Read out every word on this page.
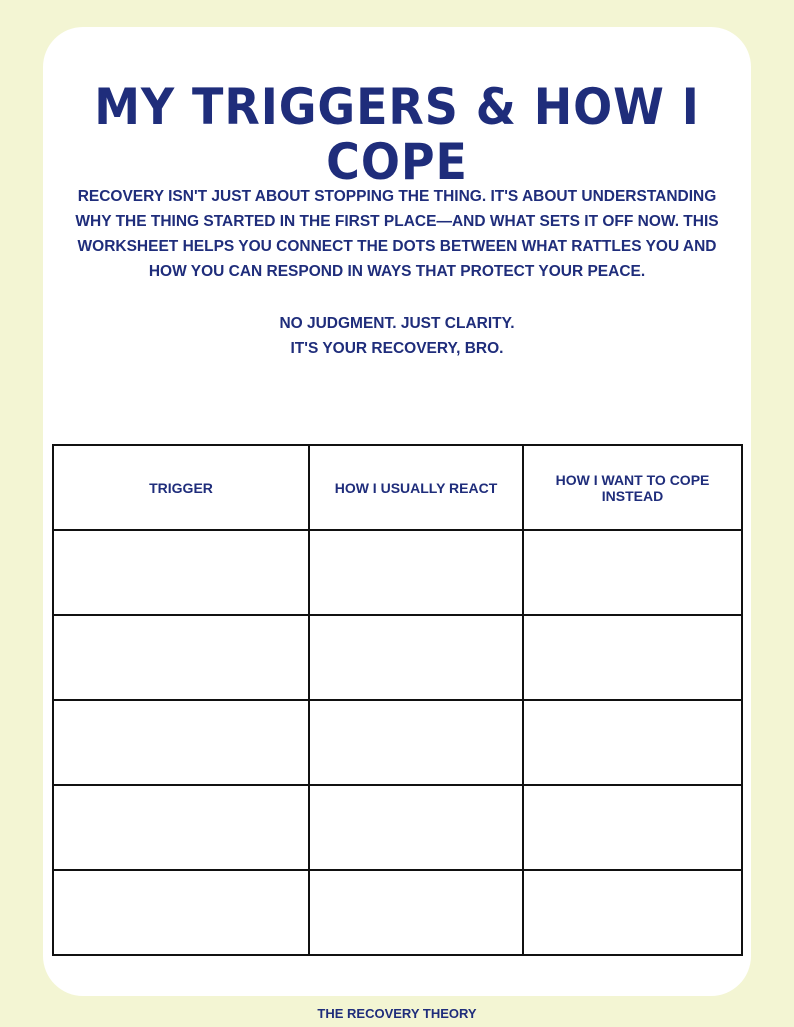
MY TRIGGERS & HOW I COPE

RECOVERY ISN'T JUST ABOUT STOPPING THE THING. IT'S ABOUT UNDERSTANDING WHY THE THING STARTED IN THE FIRST PLACE—AND WHAT SETS IT OFF NOW. THIS WORKSHEET HELPS YOU CONNECT THE DOTS BETWEEN WHAT RATTLES YOU AND HOW YOU CAN RESPOND IN WAYS THAT PROTECT YOUR PEACE.

NO JUDGMENT. JUST CLARITY.
IT'S YOUR RECOVERY, BRO.
TRIGGER	HOW I USUALLY REACT	HOW I WANT TO COPE INSTEAD

THE RECOVERY THEORY
